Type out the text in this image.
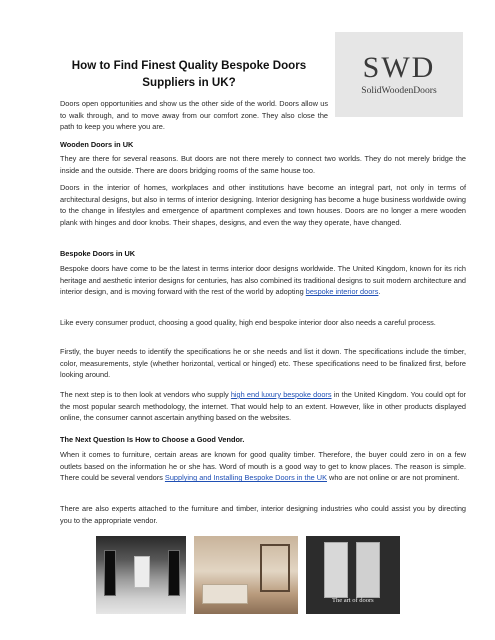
How to Find Finest Quality Bespoke Doors Suppliers in UK?	SWD
SolidWoodenDoors
Doors open opportunities and show us the other side of the world. Doors allow us to walk through, and to move away from our comfort zone. They also close the path to keep you where you are.
Wooden Doors in UK
They are there for several reasons. But doors are not there merely to connect two worlds. They do not merely bridge the inside and the outside. There are doors bridging rooms of the same house too.
Doors in the interior of homes, workplaces and other institutions have become an integral part, not only in terms of architectural designs, but also in terms of interior designing. Interior designing has become a huge business worldwide owing to the change in lifestyles and emergence of apartment complexes and town houses. Doors are no longer a mere wooden plank with hinges and door knobs. Their shapes, designs, and even the way they operate, have changed.
Bespoke Doors in UK
Bespoke doors have come to be the latest in terms interior door designs worldwide. The United Kingdom, known for its rich heritage and aesthetic interior designs for centuries, has also combined its traditional designs to suit modern architecture and interior design, and is moving forward with the rest of the world by adopting bespoke interior doors.
Like every consumer product, choosing a good quality, high end bespoke interior door also needs a careful process.
Firstly, the buyer needs to identify the specifications he or she needs and list it down. The specifications include the timber, color, measurements, style (whether horizontal, vertical or hinged) etc. These specifications need to be finalized first, before looking around.
The next step is to then look at vendors who supply high end luxury bespoke doors in the United Kingdom. You could opt for the most popular search methodology, the internet. That would help to an extent. However, like in other products displayed online, the consumer cannot ascertain anything based on the websites.
The Next Question Is How to Choose a Good Vendor.
When it comes to furniture, certain areas are known for good quality timber. Therefore, the buyer could zero in on a few outlets based on the information he or she has. Word of mouth is a good way to get to know places. The reason is simple. There could be several vendors Supplying and Installing Bespoke Doors in the UK who are not online or are not prominent.
There are also experts attached to the furniture and timber, interior designing industries who could assist you by directing you to the appropriate vendor.
The art of doors
